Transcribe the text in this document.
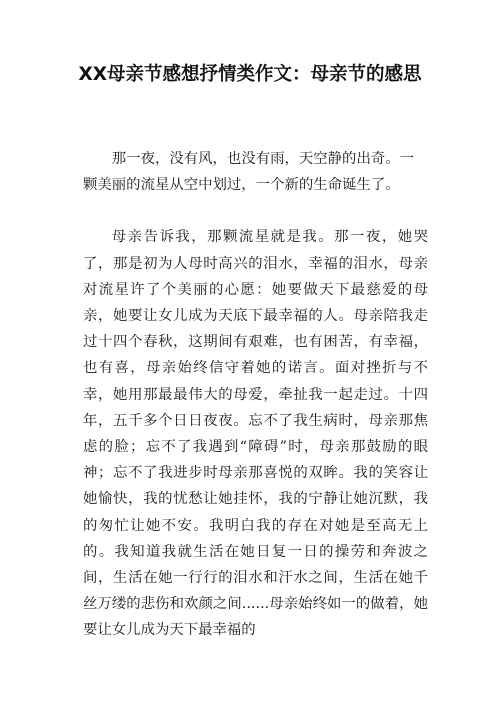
XX母亲节感想抒情类作文：母亲节的感思

那一夜，没有风，也没有雨，天空静的出奇。一颗美丽的流星从空中划过，一个新的生命诞生了。

母亲告诉我，那颗流星就是我。那一夜，她哭了，那是初为人母时高兴的泪水，幸福的泪水，母亲对流星许了个美丽的心愿：她要做天下最慈爱的母亲，她要让女儿成为天底下最幸福的人。母亲陪我走过十四个春秋，这期间有艰难，也有困苦，有幸福，也有喜，母亲始终信守着她的诺言。面对挫折与不幸，她用那最最伟大的母爱，牵扯我一起走过。十四年，五千多个日日夜夜。忘不了我生病时，母亲那焦虑的脸；忘不了我遇到“障碍”时，母亲那鼓励的眼神；忘不了我进步时母亲那喜悦的双眸。我的笑容让她愉快，我的忧愁让她挂怀，我的宁静让她沉默，我的匆忙让她不安。我明白我的存在对她是至高无上的。我知道我就生活在她日复一日的操劳和奔波之间，生活在她一行行的泪水和汗水之间，生活在她千丝万缕的悲伤和欢颜之间......母亲始终如一的做着，她要让女儿成为天下最幸福的
